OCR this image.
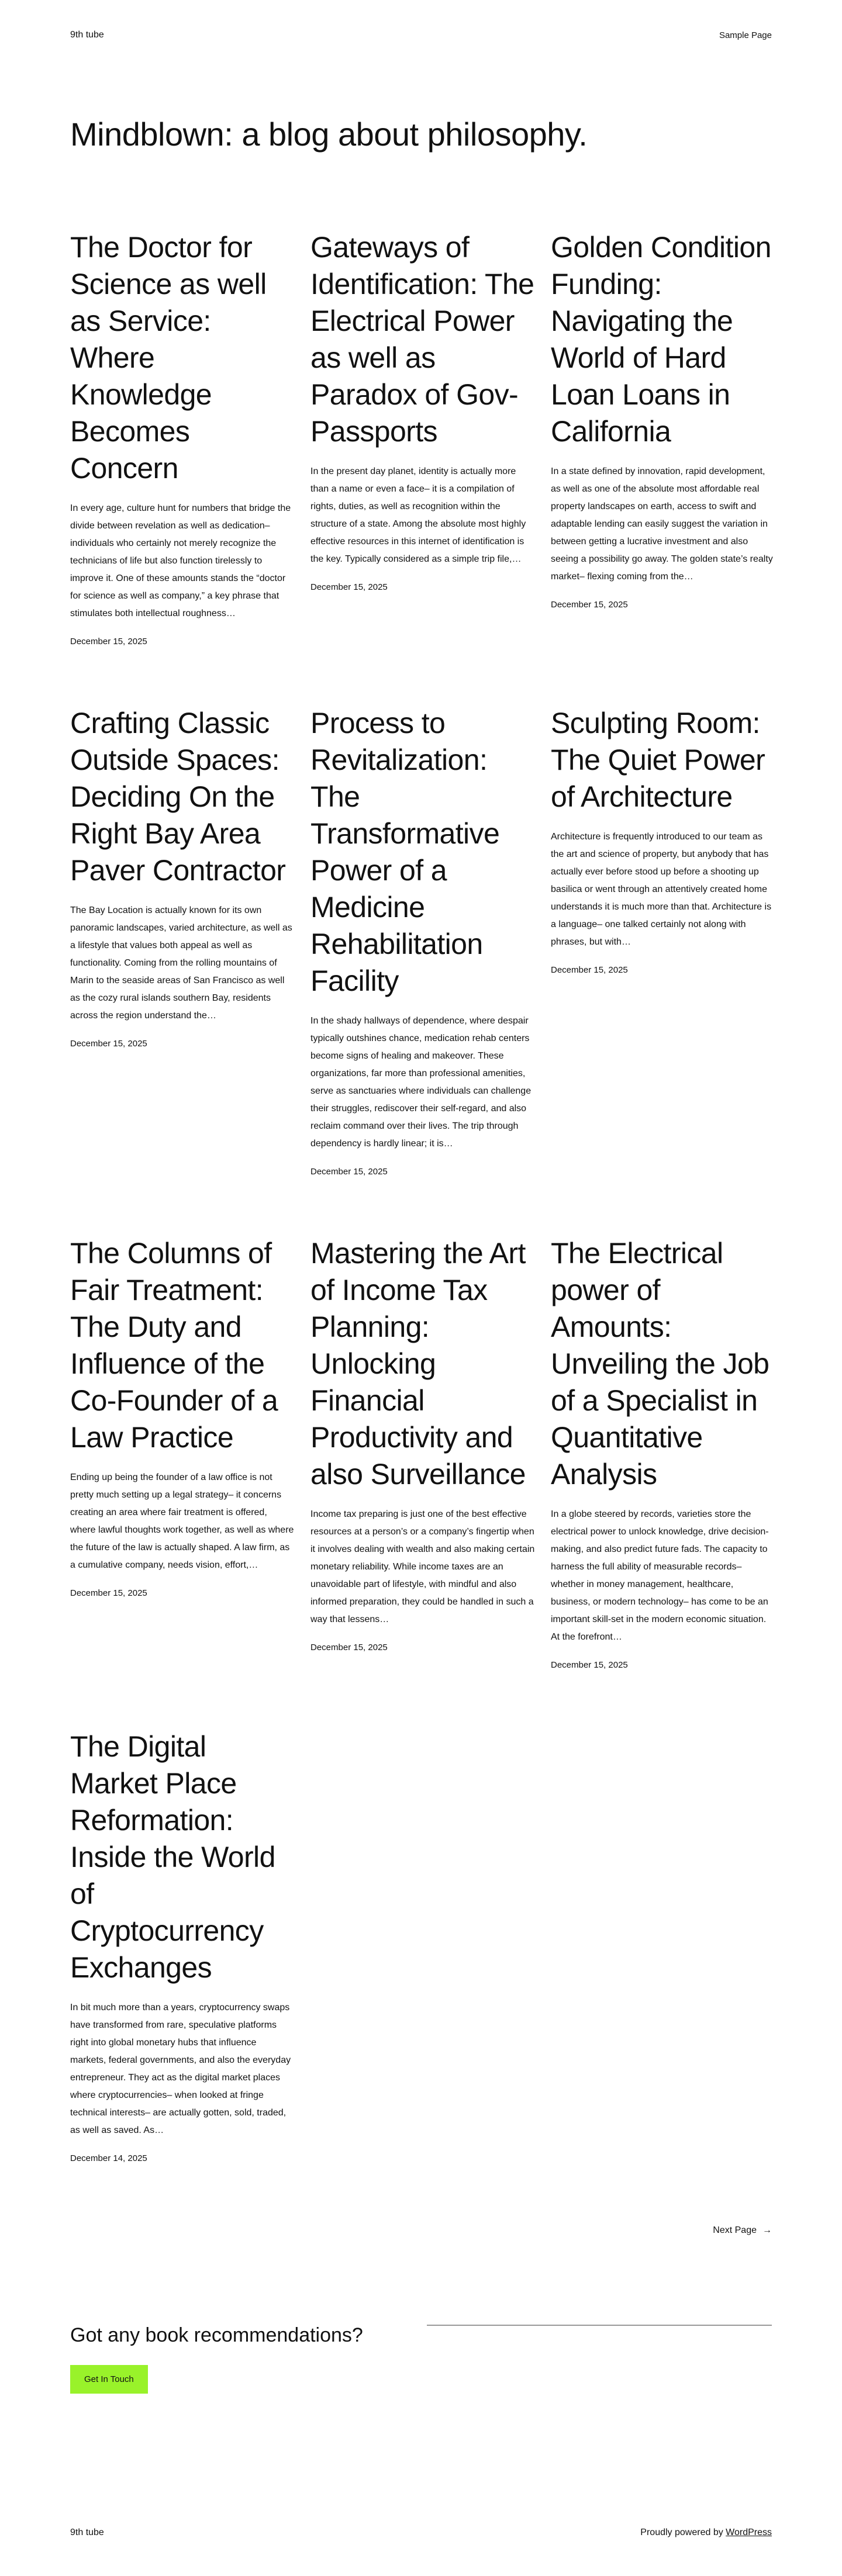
9th tube	Sample Page
Mindblown: a blog about philosophy.
The Doctor for Science as well as Service: Where Knowledge Becomes Concern

In every age, culture hunt for numbers that bridge the divide between revelation as well as dedication– individuals who certainly not merely recognize the technicians of life but also function tirelessly to improve it. One of these amounts stands the “doctor for science as well as company,” a key phrase that stimulates both intellectual roughness…

December 15, 2025
Gateways of Identification: The Electrical Power as well as Paradox of Gov-Passports

In the present day planet, identity is actually more than a name or even a face– it is a compilation of rights, duties, as well as recognition within the structure of a state. Among the absolute most highly effective resources in this internet of identification is the key. Typically considered as a simple trip file,…

December 15, 2025
Golden Condition Funding: Navigating the World of Hard Loan Loans in California

In a state defined by innovation, rapid development, as well as one of the absolute most affordable real property landscapes on earth, access to swift and adaptable lending can easily suggest the variation in between getting a lucrative investment and also seeing a possibility go away. The golden state’s realty market– flexing coming from the…

December 15, 2025
Crafting Classic Outside Spaces: Deciding On the Right Bay Area Paver Contractor

The Bay Location is actually known for its own panoramic landscapes, varied architecture, as well as a lifestyle that values both appeal as well as functionality. Coming from the rolling mountains of Marin to the seaside areas of San Francisco as well as the cozy rural islands southern Bay, residents across the region understand the…

December 15, 2025
Process to Revitalization: The Transformative Power of a Medicine Rehabilitation Facility

In the shady hallways of dependence, where despair typically outshines chance, medication rehab centers become signs of healing and makeover. These organizations, far more than professional amenities, serve as sanctuaries where individuals can challenge their struggles, rediscover their self-regard, and also reclaim command over their lives. The trip through dependency is hardly linear; it is…

December 15, 2025
Sculpting Room: The Quiet Power of Architecture

Architecture is frequently introduced to our team as the art and science of property, but anybody that has actually ever before stood up before a shooting up basilica or went through an attentively created home understands it is much more than that. Architecture is a language– one talked certainly not along with phrases, but with…

December 15, 2025
The Columns of Fair Treatment: The Duty and Influence of the Co-Founder of a Law Practice

Ending up being the founder of a law office is not pretty much setting up a legal strategy– it concerns creating an area where fair treatment is offered, where lawful thoughts work together, as well as where the future of the law is actually shaped. A law firm, as a cumulative company, needs vision, effort,…

December 15, 2025
Mastering the Art of Income Tax Planning: Unlocking Financial Productivity and also Surveillance

Income tax preparing is just one of the best effective resources at a person’s or a company’s fingertip when it involves dealing with wealth and also making certain monetary reliability. While income taxes are an unavoidable part of lifestyle, with mindful and also informed preparation, they could be handled in such a way that lessens…

December 15, 2025
The Electrical power of Amounts: Unveiling the Job of a Specialist in Quantitative Analysis

In a globe steered by records, varieties store the electrical power to unlock knowledge, drive decision-making, and also predict future fads. The capacity to harness the full ability of measurable records– whether in money management, healthcare, business, or modern technology– has come to be an important skill-set in the modern economic situation. At the forefront…

December 15, 2025
The Digital Market Place Reformation: Inside the World of Cryptocurrency Exchanges

In bit much more than a years, cryptocurrency swaps have transformed from rare, speculative platforms right into global monetary hubs that influence markets, federal governments, and also the everyday entrepreneur. They act as the digital market places where cryptocurrencies– when looked at fringe technical interests– are actually gotten, sold, traded, as well as saved. As…

December 14, 2025
Next Page →
Got any book recommendations?
Get In Touch
9th tube	Proudly powered by WordPress
